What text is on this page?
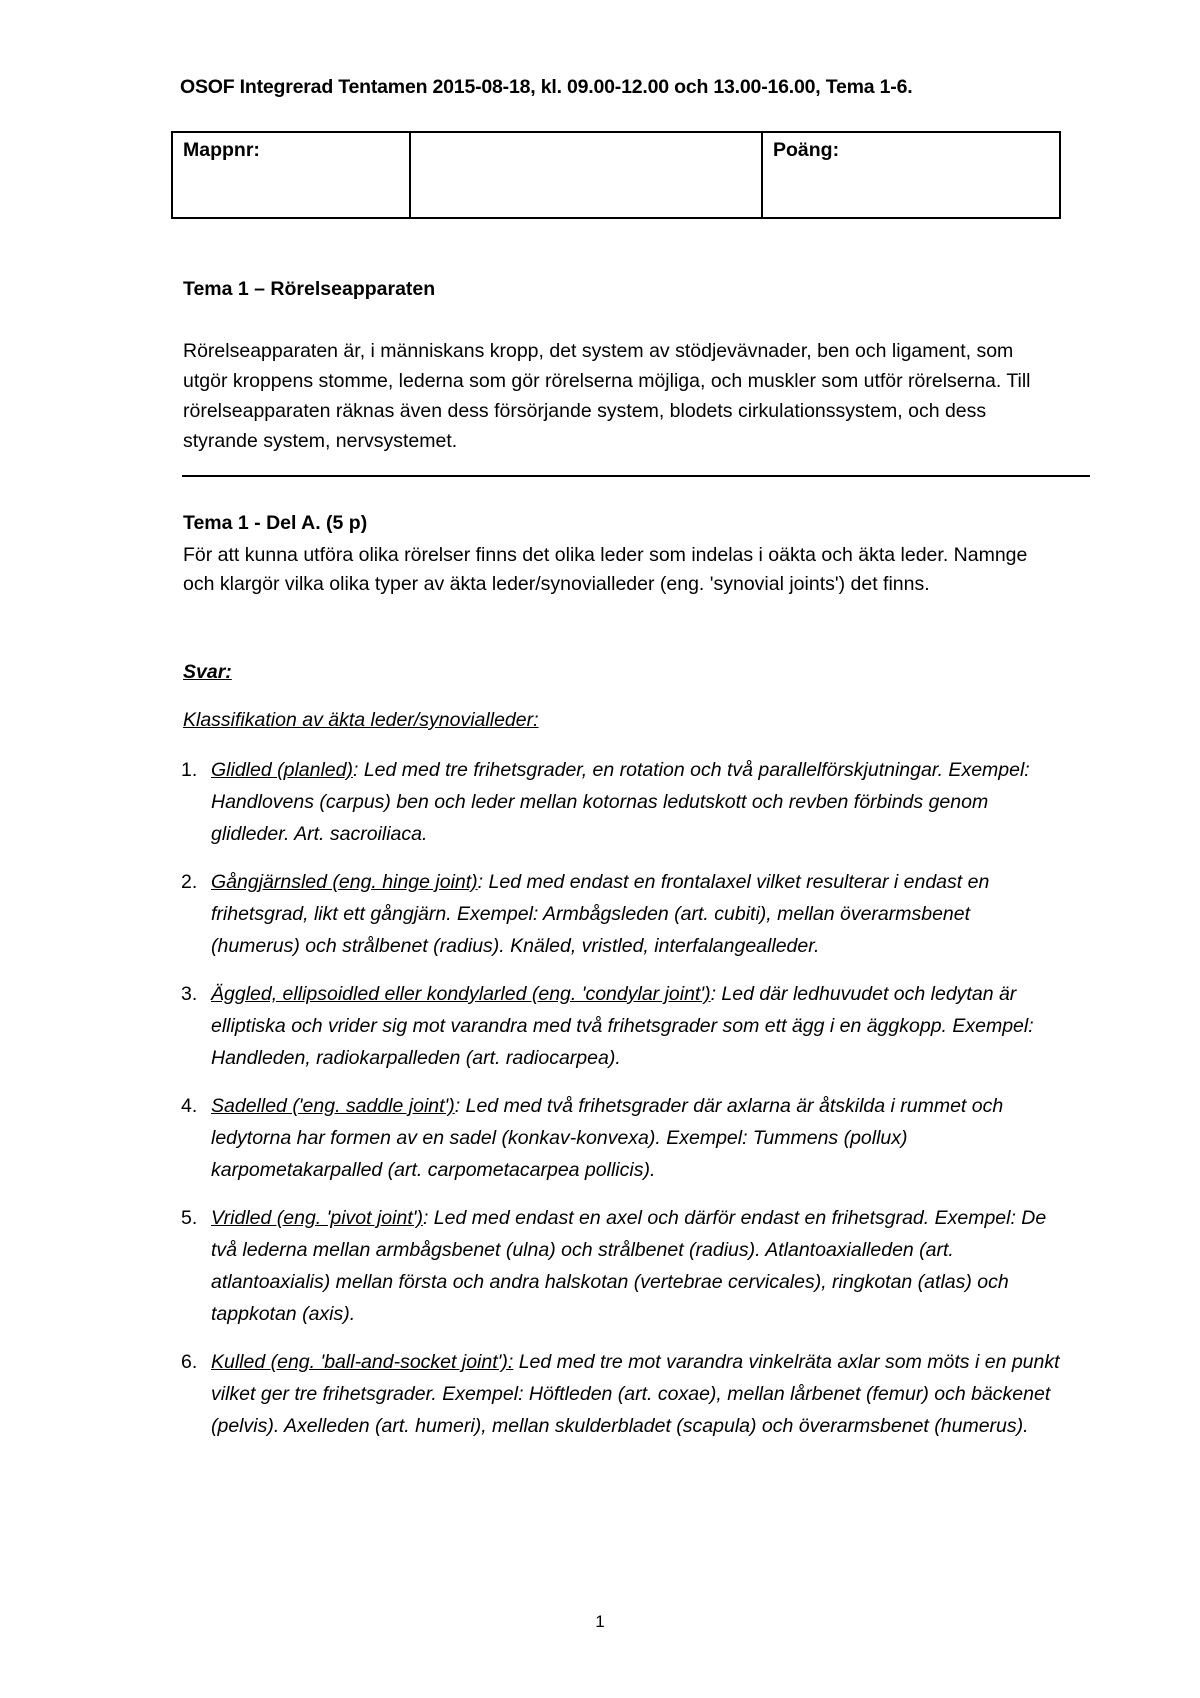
OSOF Integrerad Tentamen 2015-08-18, kl. 09.00-12.00 och 13.00-16.00, Tema 1-6.
Mappnr:		Poäng:
Tema 1 – Rörelseapparaten
Rörelseapparaten är, i människans kropp, det system av stödjevävnader, ben och ligament, som utgör kroppens stomme, lederna som gör rörelserna möjliga, och muskler som utför rörelserna. Till rörelseapparaten räknas även dess försörjande system, blodets cirkulationssystem, och dess styrande system, nervsystemet.
Tema 1 - Del A. (5 p)
För att kunna utföra olika rörelser finns det olika leder som indelas i oäkta och äkta leder. Namnge och klargör vilka olika typer av äkta leder/synovialleder (eng. 'synovial joints') det finns.
Svar:
Klassifikation av äkta leder/synovialleder:
1. Glidled (planled): Led med tre frihetsgrader, en rotation och två parallelförskjutningar. Exempel: Handlovens (carpus) ben och leder mellan kotornas ledutskott och revben förbinds genom glidleder. Art. sacroiliaca.
2. Gångjärnsled (eng. hinge joint): Led med endast en frontalaxel vilket resulterar i endast en frihetsgrad, likt ett gångjärn. Exempel: Armbågsleden (art. cubiti), mellan överarmsbenet (humerus) och strålbenet (radius). Knäled, vristled, interfalangealleder.
3. Äggled, ellipsoidled eller kondylarled (eng. 'condylar joint'): Led där ledhuvudet och ledytan är elliptiska och vrider sig mot varandra med två frihetsgrader som ett ägg i en äggkopp. Exempel: Handleden, radiokarpalleden (art. radiocarpea).
4. Sadelled ('eng. saddle joint'): Led med två frihetsgrader där axlarna är åtskilda i rummet och ledytorna har formen av en sadel (konkav-konvexa). Exempel: Tummens (pollux) karpometakarpalled (art. carpometacarpea pollicis).
5. Vridled (eng. 'pivot joint'): Led med endast en axel och därför endast en frihetsgrad. Exempel: De två lederna mellan armbågsbenet (ulna) och strålbenet (radius). Atlantoaxialleden (art. atlantoaxialis) mellan första och andra halskotan (vertebrae cervicales), ringkotan (atlas) och tappkotan (axis).
6. Kulled (eng. 'ball-and-socket joint'): Led med tre mot varandra vinkelräta axlar som möts i en punkt vilket ger tre frihetsgrader. Exempel: Höftleden (art. coxae), mellan lårbenet (femur) och bäckenet (pelvis). Axelleden (art. humeri), mellan skulderbladet (scapula) och överarmsbenet (humerus).
1
